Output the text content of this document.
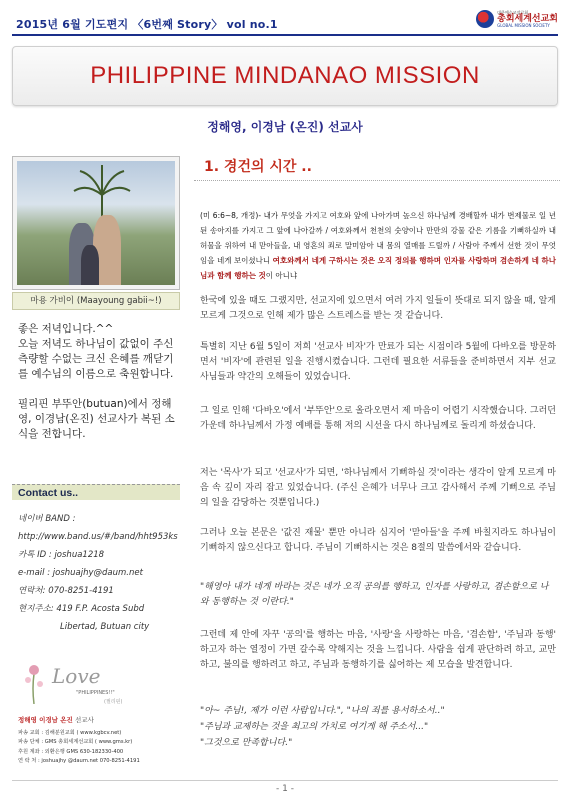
2015년 6월 기도편지 〈6번째 Story〉 vol no.1
대한예수교장로회
총회세계선교회
GLOBAL MISSION SOCIETY
PHILIPPINE MINDANAO MISSION
정해영, 이경남 (온진) 선교사
마용 가비이 (Maayoung gabii~!)

좋은 저녁입니다.^^
오늘 저녁도 하나님이 값없이 주신 측량할 수없는 크신 은혜를 깨닫기를 예수님의 이름으로 축원합니다.

필리핀 부뚜안(butuan)에서 정해영, 이경남(온진) 선교사가 복된 소식을 전합니다.

Contact us..
네이버 BAND :
http://www.band.us/#/band/hht953ks
카톡 ID : joshua1218
e-mail : joshuajhy@daum.net
연락처: 070-8251-4191
현지주소: 419 F.P. Acosta Subd
Libertad, Butuan city
Love
"PHILIPPINES!!"
(필리핀)
정해영 이경남 온진 선교사
파송 교회 : 김해분원교회 ( www.kgbcv.net)
파송 단체 : GMS 총회세계선교회 ( www.gms.kr)
후원 계좌 : 외환은행 GMS 630-182330-400
연 락 처 : joshuajhy @daum.net 070-8251-4191
1. 경건의 시간 ..
(미 6:6~8, 개정)- 내가 무엇을 가지고 여호와 앞에 나아가며 높으신 하나님께 경배할까 내가 번제물로 일 년 된 송아지를 가지고 그 앞에 나아갈까 / 여호와께서 천천의 숫양이나 만만의 강물 같은 기름을 기뻐하실까 내 허물을 위하여 내 맏아들을, 내 영혼의 죄로 말미암아 내 몸의 열매를 드릴까 / 사람아 주께서 선한 것이 무엇임을 네게 보이셨나니 여호와께서 네게 구하시는 것은 오직 정의를 행하며 인자를 사랑하며 겸손하게 네 하나님과 함께 행하는 것이 아니냐
한국에 있을 때도 그랬지만, 선교지에 있으면서 여러 가지 일들이 뜻대로 되지 않을 때, 알게 모르게 그것으로 인해 제가 많은 스트레스를 받는 것 같습니다.
특별히 지난 6월 5일이 저희 '선교사 비자'가 만료가 되는 시점이라 5월에 다바오를 방문하면서 '비자'에 관련된 일을 진행시켰습니다. 그런데 필요한 서류들을 준비하면서 지부 선교사님들과 약간의 오해들이 있었습니다.
그 일로 인해 '다바오'에서 '부뚜안'으로 올라오면서 제 마음이 어렵기 시작했습니다. 그러던 가운데 하나님께서 가정 예배를 통해 저의 시선을 다시 하나님께로 돌리게 하셨습니다.
저는 '목사'가 되고 '선교사'가 되면, '하나님께서 기뻐하실 것'이라는 생각이 알게 모르게 마음 속 깊이 자리 잡고 있었습니다. (주신 은혜가 너무나 크고 감사해서 주께 기뻐으로 주님의 일을 감당하는 것뿐입니다.)
그러나 오늘 본문은 '값진 재물' 뿐만 아니라 심지어 '맏아들'을 주께 바칠지라도 하나님이 기뻐하지 않으신다고 합니다. 주님이 기뻐하시는 것은 8절의 말씀에서와 같습니다.
"해영아 내가 네게 바라는 것은 네가 오직 공의를 행하고, 인자를 사랑하고, 겸손함으로 나와 동행하는 것 이란다."
그런데 제 안에 자꾸 '공의'를 행하는 마음, '사랑'을 사랑하는 마음, '겸손함', '주님과 동행' 하고자 하는 열정이 가면 갈수록 약해지는 것을 느낍니다. 사람을 쉽게 판단하려 하고, 교만하고, 불의를 행하려고 하고, 주님과 동행하기를 싫어하는 제 모습을 발견합니다.
"아~ 주님!, 제가 이런 사람입니다.", "나의 죄를 용서하소서.."
"주님과 교제하는 것을 최고의 가치로 여기게 해 주소서..."
"그것으로 만족합니다."
- 1 -
